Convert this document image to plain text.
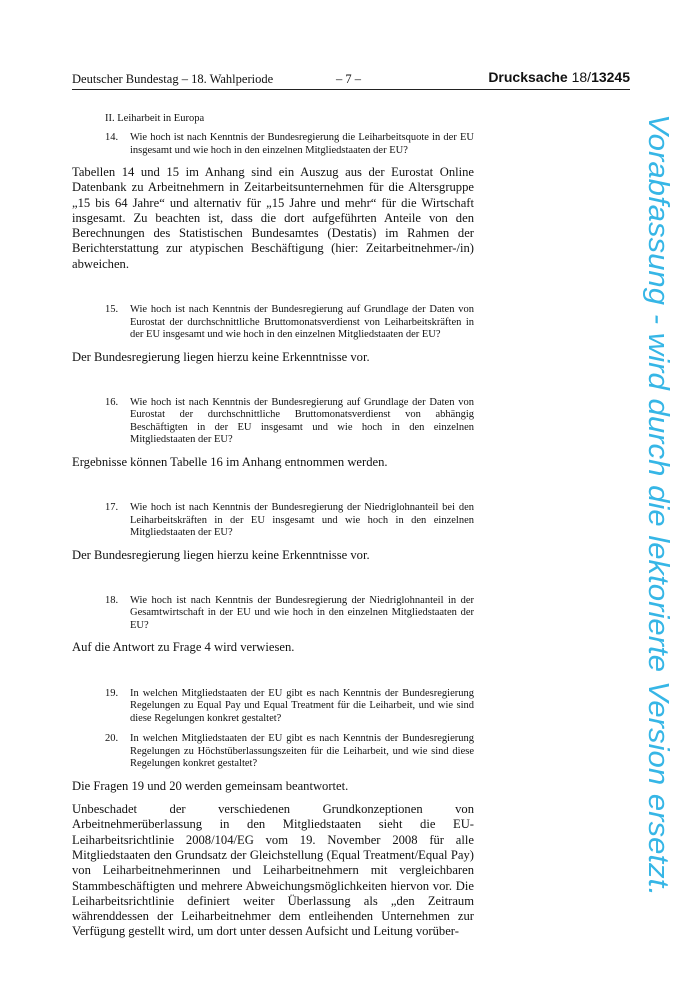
Deutscher Bundestag – 18. Wahlperiode	– 7 –	Drucksache 18/13245
II. Leiharbeit in Europa
14. Wie hoch ist nach Kenntnis der Bundesregierung die Leiharbeitsquote in der EU insgesamt und wie hoch in den einzelnen Mitgliedstaaten der EU?

Tabellen 14 und 15 im Anhang sind ein Auszug aus der Eurostat Online Datenbank zu Arbeitnehmern in Zeitarbeitsunternehmen für die Altersgruppe „15 bis 64 Jahre“ und alternativ für „15 Jahre und mehr“ für die Wirtschaft insgesamt. Zu beachten ist, dass die dort aufgeführten Anteile von den Berechnungen des Statistischen Bundesamtes (Destatis) im Rahmen der Berichterstattung zur atypischen Beschäftigung (hier: Zeitarbeitnehmer-/in) abweichen.

15. Wie hoch ist nach Kenntnis der Bundesregierung auf Grundlage der Daten von Eurostat der durchschnittliche Bruttomonatsverdienst von Leiharbeitskräften in der EU insgesamt und wie hoch in den einzelnen Mitgliedstaaten der EU?

Der Bundesregierung liegen hierzu keine Erkenntnisse vor.

16. Wie hoch ist nach Kenntnis der Bundesregierung auf Grundlage der Daten von Eurostat der durchschnittliche Bruttomonatsverdienst von abhängig Beschäftigten in der EU insgesamt und wie hoch in den einzelnen Mitgliedstaaten der EU?

Ergebnisse können Tabelle 16 im Anhang entnommen werden.

17. Wie hoch ist nach Kenntnis der Bundesregierung der Niedriglohnanteil bei den Leiharbeitskräften in der EU insgesamt und wie hoch in den einzelnen Mitgliedstaaten der EU?

Der Bundesregierung liegen hierzu keine Erkenntnisse vor.

18. Wie hoch ist nach Kenntnis der Bundesregierung der Niedriglohnanteil in der Gesamtwirtschaft in der EU und wie hoch in den einzelnen Mitgliedstaaten der EU?

Auf die Antwort zu Frage 4 wird verwiesen.

19. In welchen Mitgliedstaaten der EU gibt es nach Kenntnis der Bundesregierung Regelungen zu Equal Pay und Equal Treatment für die Leiharbeit, und wie sind diese Regelungen konkret gestaltet?
20. In welchen Mitgliedstaaten der EU gibt es nach Kenntnis der Bundesregierung Regelungen zu Höchstüberlassungszeiten für die Leiharbeit, und wie sind diese Regelungen konkret gestaltet?

Die Fragen 19 und 20 werden gemeinsam beantwortet.

Unbeschadet der verschiedenen Grundkonzeptionen von Arbeitnehmerüberlassung in den Mitgliedstaaten sieht die EU-Leiharbeitsrichtlinie 2008/104/EG vom 19. November 2008 für alle Mitgliedstaaten den Grundsatz der Gleichstellung (Equal Treatment/Equal Pay) von Leiharbeitnehmerinnen und Leiharbeitnehmern mit vergleichbaren Stammbeschäftigten und mehrere Abweichungsmöglichkeiten hiervon vor. Die Leiharbeitsrichtlinie definiert weiter Überlassung als „den Zeitraum währenddessen der Leiharbeitnehmer dem entleihenden Unternehmen zur Verfügung gestellt wird, um dort unter dessen Aufsicht und Leitung vorüber-

Vorabfassung - wird durch die lektorierte Version ersetzt.
